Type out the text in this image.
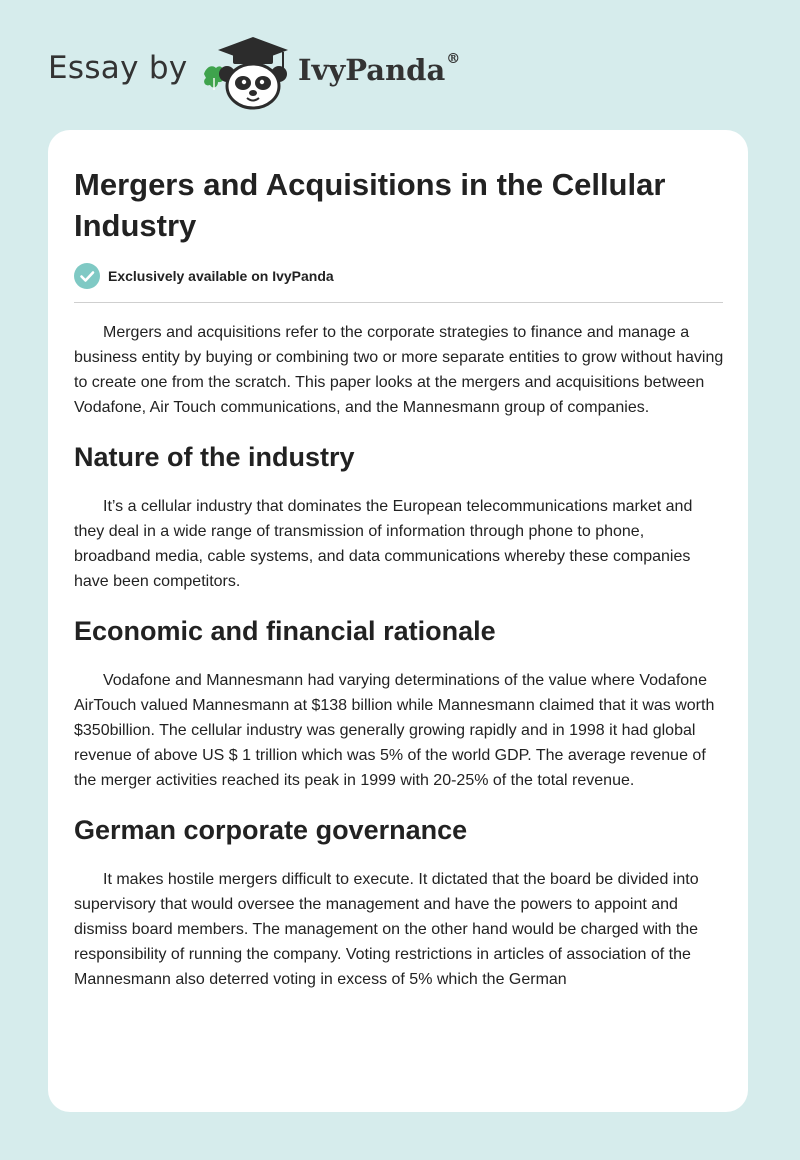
Essay by	IvyPanda®
Mergers and Acquisitions in the Cellular Industry
Exclusively available on IvyPanda

Mergers and acquisitions refer to the corporate strategies to finance and manage a business entity by buying or combining two or more separate entities to grow without having to create one from the scratch. This paper looks at the mergers and acquisitions between Vodafone, Air Touch communications, and the Mannesmann group of companies.

Nature of the industry

It’s a cellular industry that dominates the European telecommunications market and they deal in a wide range of transmission of information through phone to phone, broadband media, cable systems, and data communications whereby these companies have been competitors.

Economic and financial rationale

Vodafone and Mannesmann had varying determinations of the value where Vodafone AirTouch valued Mannesmann at $138 billion while Mannesmann claimed that it was worth $350billion. The cellular industry was generally growing rapidly and in 1998 it had global revenue of above US $ 1 trillion which was 5% of the world GDP. The average revenue of the merger activities reached its peak in 1999 with 20-25% of the total revenue.

German corporate governance

It makes hostile mergers difficult to execute. It dictated that the board be divided into supervisory that would oversee the management and have the powers to appoint and dismiss board members. The management on the other hand would be charged with the responsibility of running the company. Voting restrictions in articles of association of the Mannesmann also deterred voting in excess of 5% which the German
